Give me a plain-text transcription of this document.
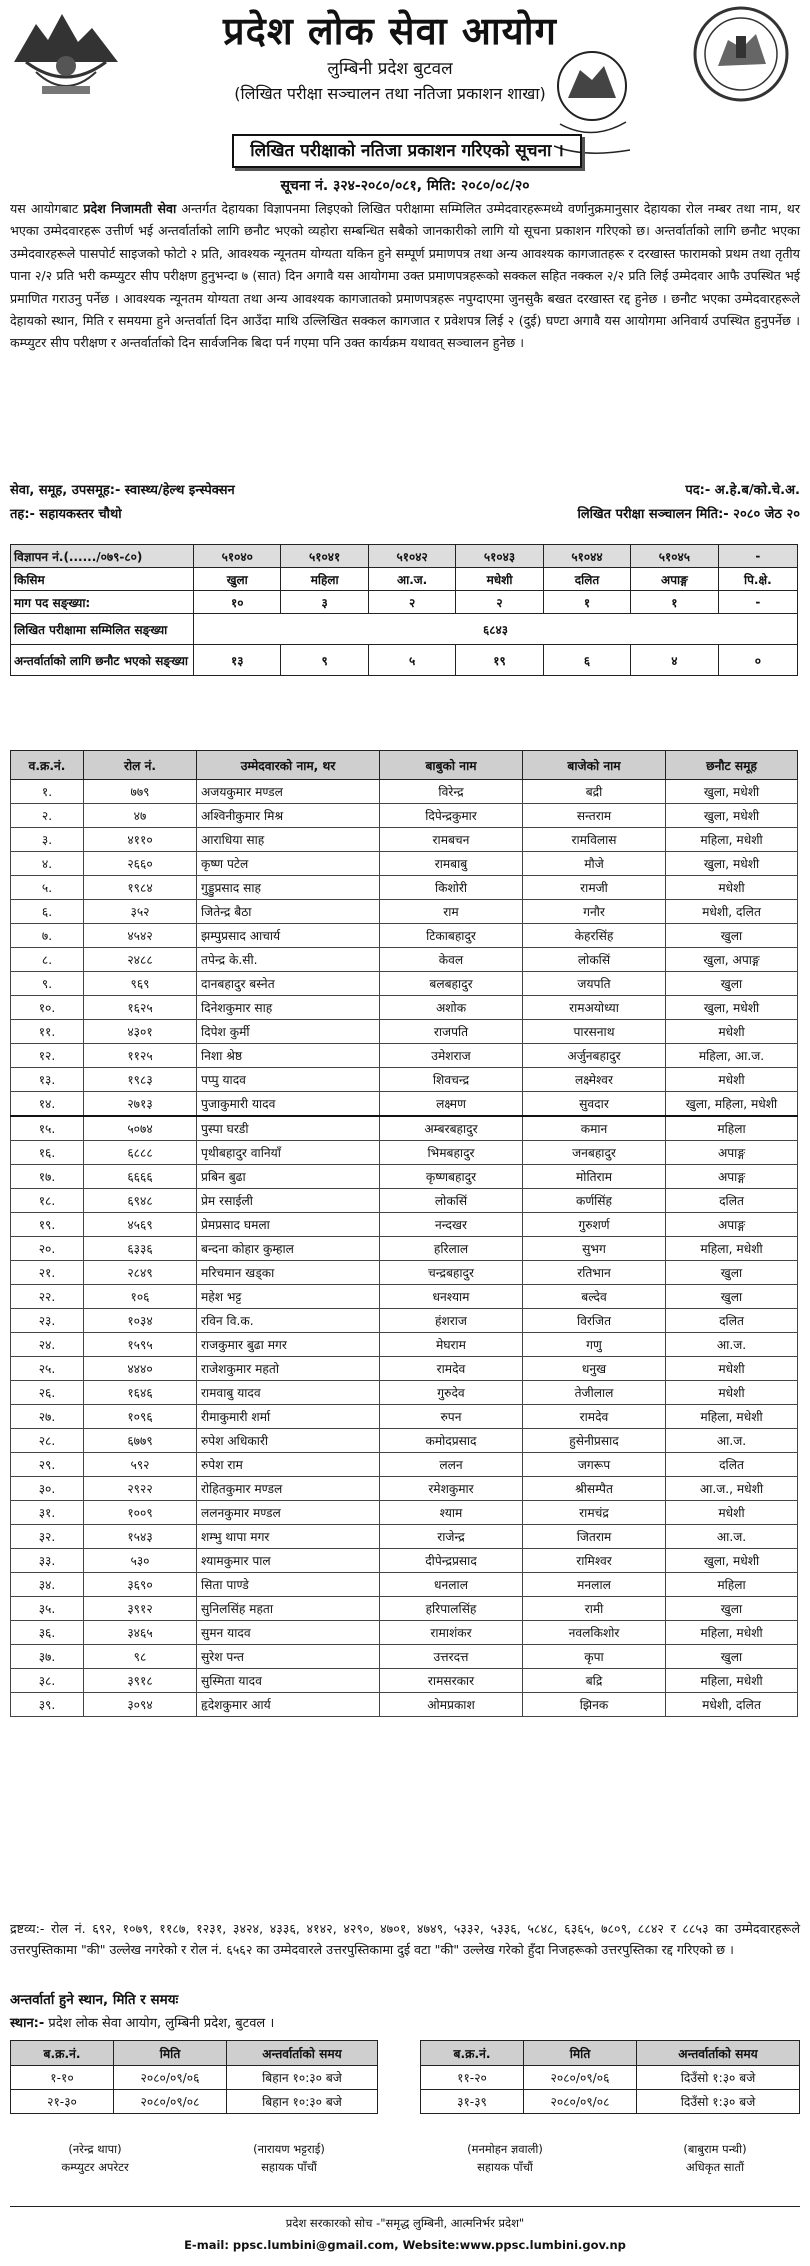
प्रदेश लोक सेवा आयोग
लुम्बिनी प्रदेश बुटवल
(लिखित परीक्षा सञ्चालन तथा नतिजा प्रकाशन शाखा)
लिखित परीक्षाको नतिजा प्रकाशन गरिएको सूचना ।
सूचना नं. ३२४-२०८०/०८१, मिति: २०८०/०८/२०
यस आयोगबाट प्रदेश निजामती सेवा अन्तर्गत देहायका विज्ञापनमा लिइएको लिखित परीक्षामा सम्मिलित उम्मेदवारहरूमध्ये वर्णानुक्रमानुसार देहायका रोल नम्बर तथा नाम, थर भएका उम्मेदवारहरू उत्तीर्ण भई अन्तर्वार्ताको लागि छनौट भएको व्यहोरा सम्बन्धित सबैको जानकारीको लागि यो सूचना प्रकाशन गरिएको छ। अन्तर्वार्ताको लागि छनौट भएका उम्मेदवारहरूले पासपोर्ट साइजको फोटो २ प्रति, आवश्यक न्यूनतम योग्यता यकिन हुने सम्पूर्ण प्रमाणपत्र तथा अन्य आवश्यक कागजातहरू र दरखास्त फारामको प्रथम तथा तृतीय पाना २/२ प्रति भरी कम्प्युटर सीप परीक्षण हुनुभन्दा ७ (सात) दिन अगावै यस आयोगमा उक्त प्रमाणपत्रहरूको सक्कल सहित नक्कल २/२ प्रति लिई उम्मेदवार आफै उपस्थित भई प्रमाणित गराउनु पर्नेछ । आवश्यक न्यूनतम योग्यता तथा अन्य आवश्यक कागजातको प्रमाणपत्रहरू नपुग्दाएमा जुनसुकै बखत दरखास्त रद्द हुनेछ । छनौट भएका उम्मेदवारहरूले देहायको स्थान, मिति र समयमा हुने अन्तर्वार्ता दिन आउँदा माथि उल्लिखित सक्कल कागजात र प्रवेशपत्र लिई २ (दुई) घण्टा अगावै यस आयोगमा अनिवार्य उपस्थित हुनुपर्नेछ । कम्प्युटर सीप परीक्षण र अन्तर्वार्ताको दिन सार्वजनिक बिदा पर्न गएमा पनि उक्त कार्यक्रम यथावत् सञ्चालन हुनेछ ।
सेवा, समूह, उपसमूह:- स्वास्थ्य/हेल्थ इन्स्पेक्सन	पद:- अ.हे.ब/को.चे.अ.
तह:- सहायकस्तर चौथो	लिखित परीक्षा सञ्चालन मिति:- २०८० जेठ २०
विज्ञापन नं.(....../०७९-८०)	५१०४०	५१०४१	५१०४२	५१०४३	५१०४४	५१०४५	-
किसिम	खुला	महिला	आ.ज.	मधेशी	दलित	अपाङ्ग	पि.क्षे.
माग पद सङ्ख्या:	१०	३	२	२	१	१	-
लिखित परीक्षामा सम्मिलित सङ्ख्या	६८४३						
अन्तर्वार्ताको लागि छनौट भएको सङ्ख्या	१३	९	५	१९	६	४	०
व.क्र.नं.	रोल नं.	उम्मेदवारको नाम, थर	बाबुको नाम	बाजेको नाम	छनौट समूह
१.	७७९	अजयकुमार मण्डल	विरेन्द्र	बद्री	खुला, मधेशी
२.	४७	अश्विनीकुमार मिश्र	दिपेन्द्रकुमार	सन्तराम	खुला, मधेशी
३.	४११०	आराधिया साह	रामबचन	रामविलास	महिला, मधेशी
४.	२६६०	कृष्ण पटेल	रामबाबु	मौजे	खुला, मधेशी
५.	१९८४	गुड्डुप्रसाद साह	किशोरी	रामजी	मधेशी
६.	३५२	जितेन्द्र बैठा	राम	गनौर	मधेशी, दलित
७.	४५४२	झम्पुप्रसाद आचार्य	टिकाबहादुर	केहरसिंह	खुला
८.	२४८८	तपेन्द्र के.सी.	केवल	लोकसिं	खुला, अपाङ्ग
९.	९६९	दानबहादुर बस्नेत	बलबहादुर	जयपति	खुला
१०.	१६२५	दिनेशकुमार साह	अशोक	रामअयोध्या	खुला, मधेशी
११.	४३०१	दिपेश कुर्मी	राजपति	पारसनाथ	मधेशी
१२.	११२५	निशा श्रेष्ठ	उमेशराज	अर्जुनबहादुर	महिला, आ.ज.
१३.	१९८३	पप्पु यादव	शिवचन्द्र	लक्ष्मेश्वर	मधेशी
१४.	२७१३	पुजाकुमारी यादव	लक्ष्मण	सुवदार	खुला, महिला, मधेशी
१५.	५०७४	पुस्पा घरडी	अम्बरबहादुर	कमान	महिला
१६.	६८८८	पृथीबहादुर वानियाँ	भिमबहादुर	जनबहादुर	अपाङ्ग
१७.	६६६६	प्रबिन बुढा	कृष्णबहादुर	मोतिराम	अपाङ्ग
१८.	६९४८	प्रेम रसाईली	लोकसिं	कर्णसिंह	दलित
१९.	४५६९	प्रेमप्रसाद घमला	नन्दखर	गुरुशर्ण	अपाङ्ग
२०.	६३३६	बन्दना कोहार कुम्हाल	हरिलाल	सुभग	महिला, मधेशी
२१.	२८४९	मरिचमान खड्का	चन्द्रबहादुर	रतिभान	खुला
२२.	१०६	महेश भट्ट	धनश्याम	बल्देव	खुला
२३.	१०३४	रविन वि.क.	हंशराज	विरजित	दलित
२४.	१५९५	राजकुमार बुढा मगर	मेघराम	गणु	आ.ज.
२५.	४४४०	राजेशकुमार महतो	रामदेव	धनुख	मधेशी
२६.	१६४६	रामवाबु यादव	गुरुदेव	तेजीलाल	मधेशी
२७.	१०९६	रीमाकुमारी शर्मा	रुपन	रामदेव	महिला, मधेशी
२८.	६७७९	रुपेश अधिकारी	कमोदप्रसाद	हुसेनीप्रसाद	आ.ज.
२९.	५९२	रुपेश राम	ललन	जगरूप	दलित
३०.	२९२२	रोहितकुमार मण्डल	रमेशकुमार	श्रीसम्पैत	आ.ज., मधेशी
३१.	१००९	ललनकुमार मण्डल	श्याम	रामचंद्र	मधेशी
३२.	१५४३	शम्भु थापा मगर	राजेन्द्र	जितराम	आ.ज.
३३.	५३०	श्यामकुमार पाल	दीपेन्द्रप्रसाद	रामिश्वर	खुला, मधेशी
३४.	३६९०	सिता पाण्डे	धनलाल	मनलाल	महिला
३५.	३९१२	सुनिलसिंह महता	हरिपालसिंह	रामी	खुला
३६.	३४६५	सुमन यादव	रामाशंकर	नवलकिशोर	महिला, मधेशी
३७.	९८	सुरेश पन्त	उत्तरदत्त	कृपा	खुला
३८.	३९१८	सुस्मिता यादव	रामसरकार	बद्रि	महिला, मधेशी
३९.	३०९४	हृदेशकुमार आर्य	ओमप्रकाश	झिनक	मधेशी, दलित
द्रष्टव्य:- रोल नं. ६९२, १०७९, ११८७, १२३१, ३४२४, ४३३६, ४१४२, ४२९०, ४७०१, ४७४९, ५३३२, ५३३६, ५८४८, ६३६५, ७८०९, ८८४२ र ८८५३ का उम्मेदवारहरूले उत्तरपुस्तिकामा "की" उल्लेख नगरेको र रोल नं. ६५६२ का उम्मेदवारले उत्तरपुस्तिकामा दुई वटा "की" उल्लेख गरेको हुँदा निजहरूको उत्तरपुस्तिका रद्द गरिएको छ ।
अन्तर्वार्ता हुने स्थान, मिति र समयः
स्थान:- प्रदेश लोक सेवा आयोग, लुम्बिनी प्रदेश, बुटवल ।
ब.क्र.नं.	मिति	अन्तर्वार्ताको समय
१-१०	२०८०/०९/०६	बिहान १०:३० बजे
२१-३०	२०८०/०९/०८	बिहान १०:३० बजे
ब.क्र.नं.	मिति	अन्तर्वार्ताको समय
११-२०	२०८०/०९/०६	दिउँसो १:३० बजे
३१-३९	२०८०/०९/०८	दिउँसो १:३० बजे
(नरेन्द्र थापा)
कम्प्युटर अपरेटर
(नारायण भट्टराई)
सहायक पाँचौं
(मनमोहन ज्ञवाली)
सहायक पाँचौं
(बाबुराम पन्थी)
अधिकृत सातौं
प्रदेश सरकारको सोच -"समृद्ध लुम्बिनी, आत्मनिर्भर प्रदेश"
E-mail: ppsc.lumbini@gmail.com, Website:www.ppsc.lumbini.gov.np
